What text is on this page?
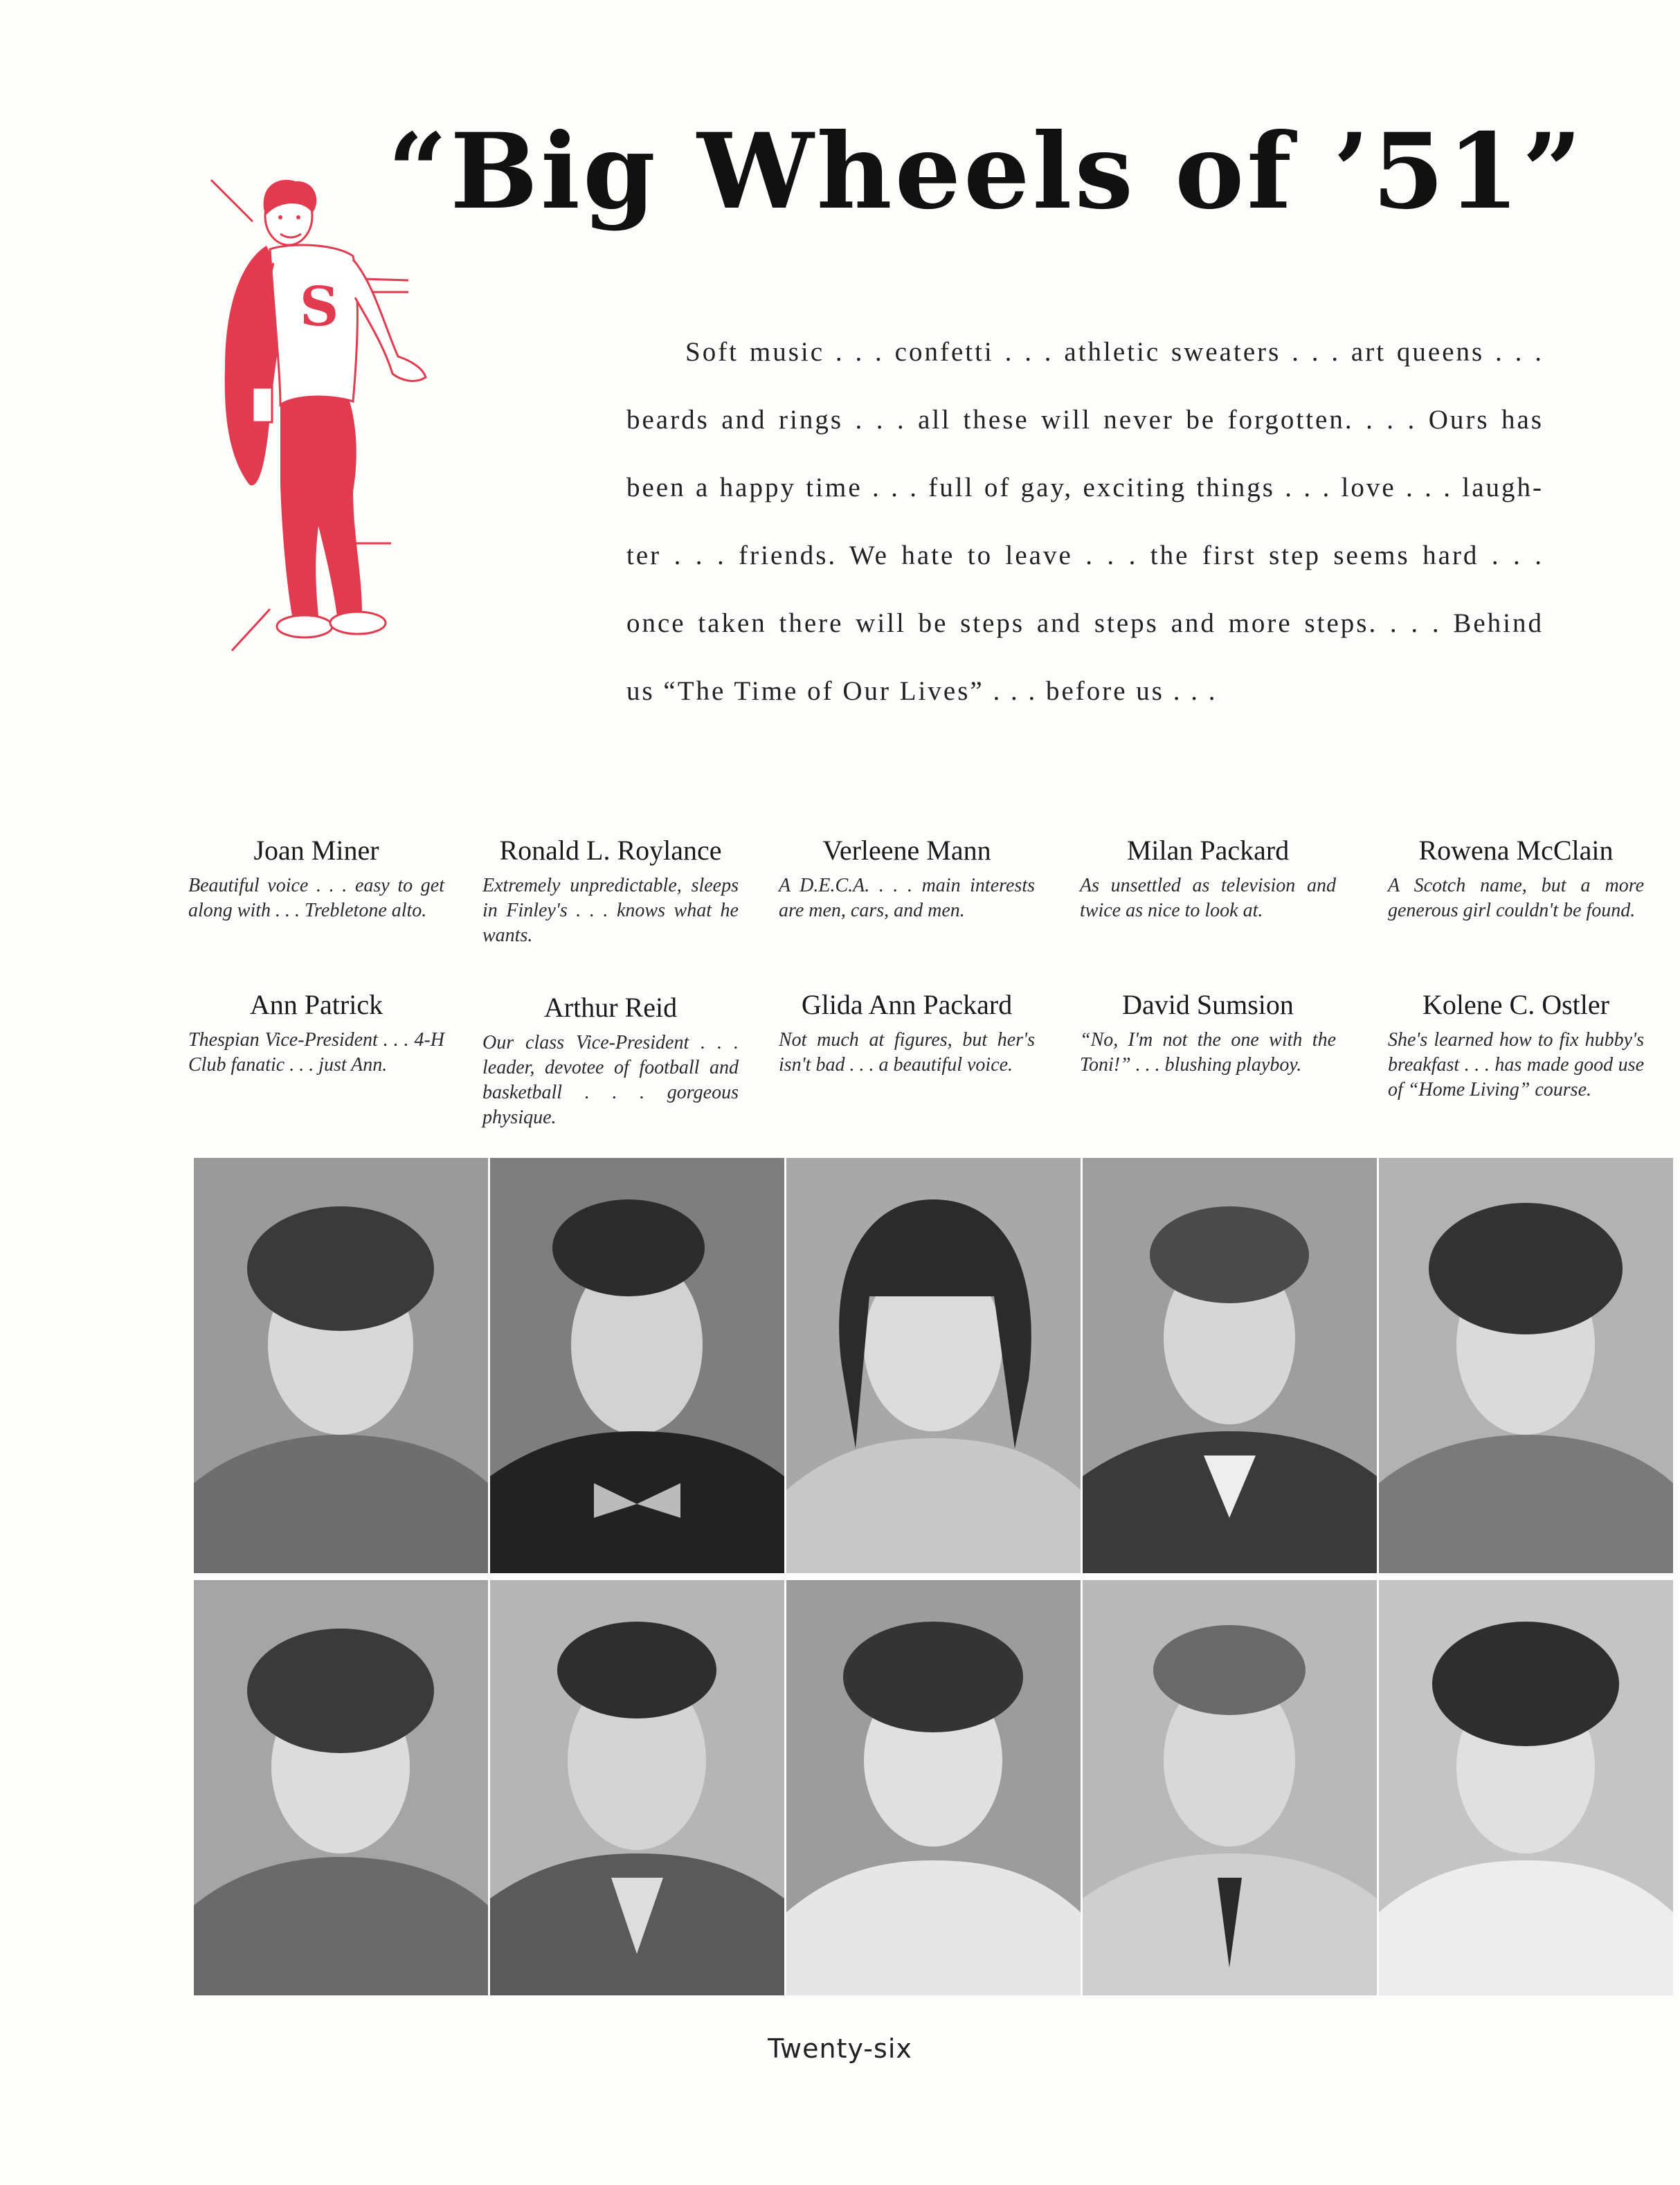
“Big Wheels of ’51”
S
Soft music . . . confetti . . . athletic sweaters . . . art queens . . .
beards and rings . . . all these will never be forgotten. . . . Ours has
been a happy time . . . full of gay, exciting things . . . love . . . laugh-
ter . . . friends. We hate to leave . . . the first step seems hard . . .
once taken there will be steps and steps and more steps. . . . Behind
us “The Time of Our Lives” . . . before us . . .
Joan Miner
Beautiful voice . . . easy to get along with . . . Trebletone alto.
Ronald L. Roylance
Extremely unpredictable, sleeps in Finley's . . . knows what he wants.
Verleene Mann
A D.E.C.A. . . . main interests are men, cars, and men.
Milan Packard
As unsettled as television and twice as nice to look at.
Rowena McClain
A Scotch name, but a more generous girl couldn't be found.
Ann Patrick
Thespian Vice-President . . . 4-H Club fanatic . . . just Ann.
Arthur Reid
Our class Vice-President . . . leader, devotee of football and basketball . . . gorgeous physique.
Glida Ann Packard
Not much at figures, but her's isn't bad . . . a beautiful voice.
David Sumsion
“No, I'm not the one with the Toni!” . . . blushing playboy.
Kolene C. Ostler
She's learned how to fix hubby's breakfast . . . has made good use of “Home Living” course.
Twenty-six
